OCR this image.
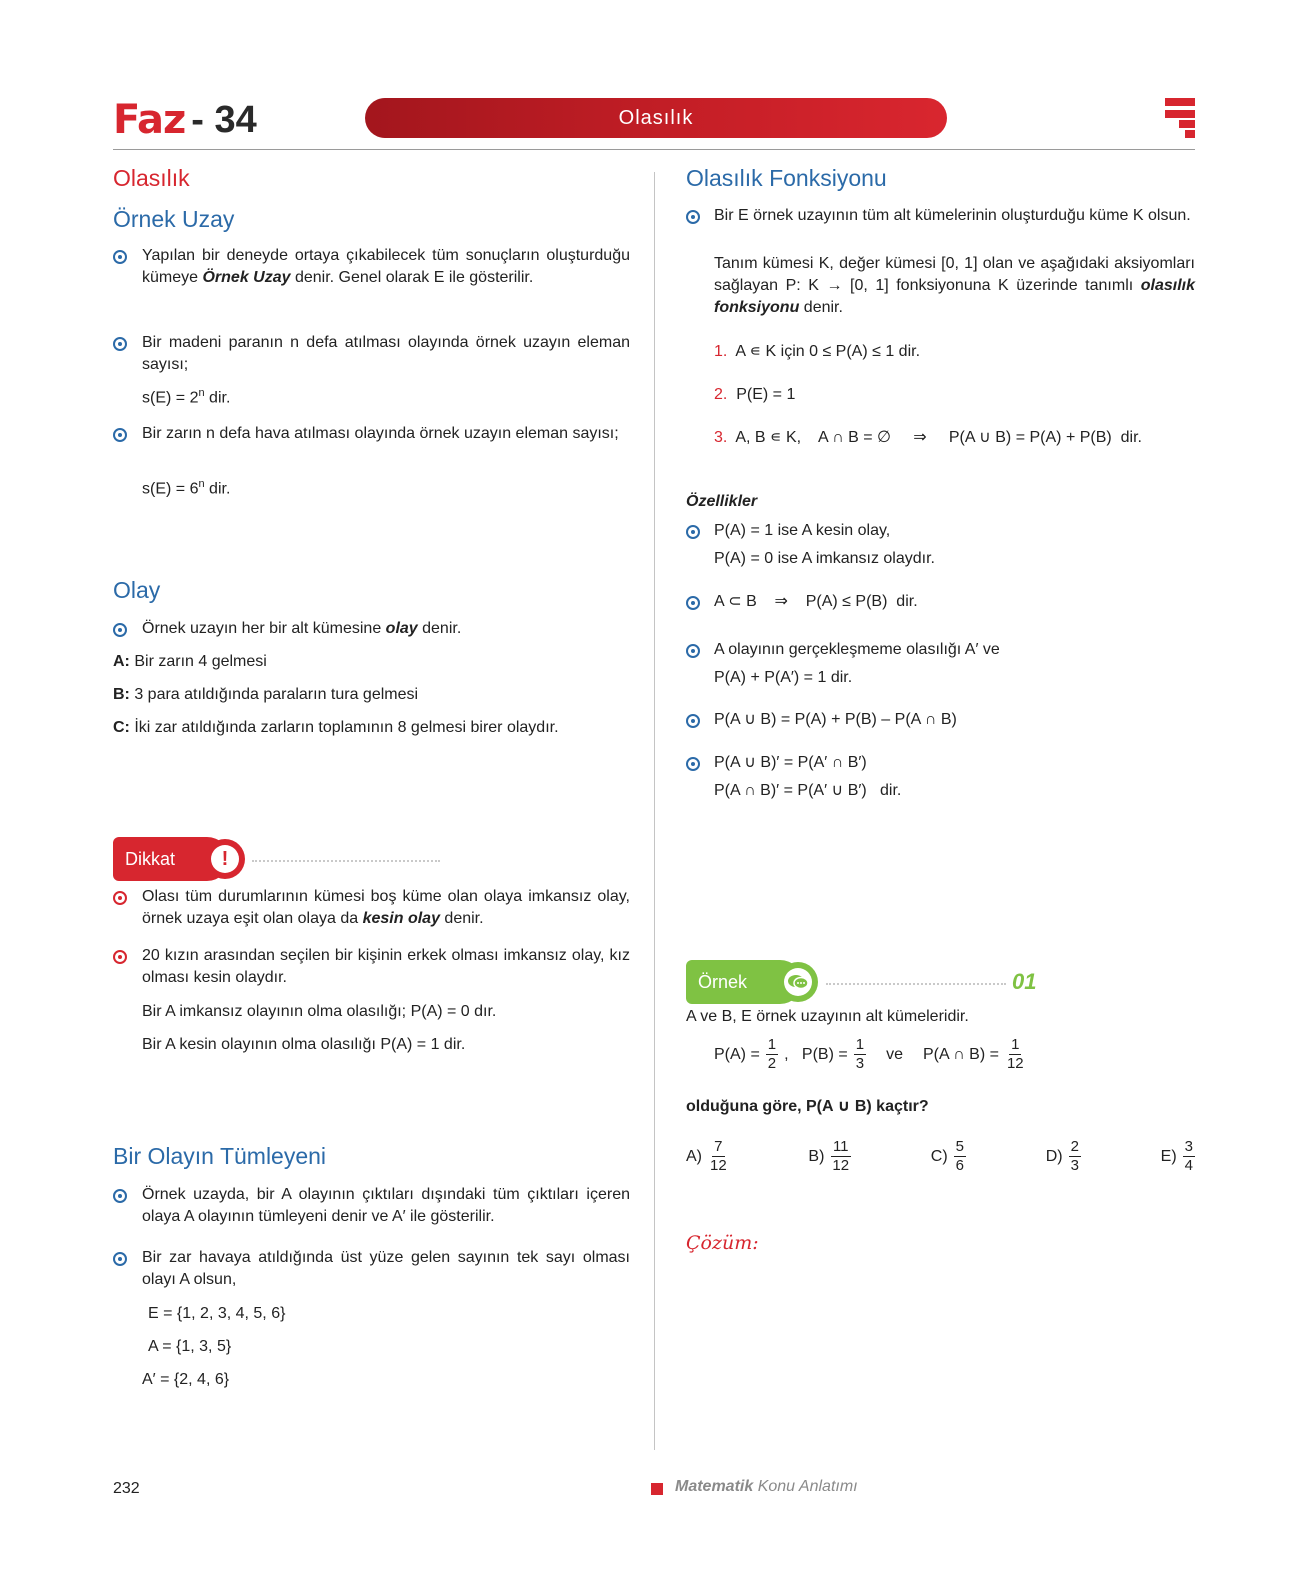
Faz - 34	Olasılık
Olasılık
Örnek Uzay
Yapılan bir deneyde ortaya çıkabilecek tüm sonuçların oluşturduğu kümeye Örnek Uzay denir. Genel olarak E ile gösterilir.
Bir madeni paranın n defa atılması olayında örnek uzayın eleman sayısı;
$s(E) = 2^n$ dir.
Bir zarın n defa hava atılması olayında örnek uzayın eleman sayısı;
$s(E) = 6^n$ dir.
Olay
Örnek uzayın her bir alt kümesine olay denir.
A: Bir zarın 4 gelmesi
B: 3 para atıldığında paraların tura gelmesi
C: İki zar atıldığında zarların toplamının 8 gelmesi birer olaydır.
Dikkat	!
Olası tüm durumlarının kümesi boş küme olan olaya imkansız olay, örnek uzaya eşit olan olaya da kesin olay denir.
20 kızın arasından seçilen bir kişinin erkek olması imkansız olay, kız olması kesin olaydır.
Bir A imkansız olayının olma olasılığı; P(A) = 0 dır.
Bir A kesin olayının olma olasılığı P(A) = 1 dir.
Bir Olayın Tümleyeni
Örnek uzayda, bir A olayının çıktıları dışındaki tüm çıktıları içeren olaya A olayının tümleyeni denir ve A′ ile gösterilir.
Bir zar havaya atıldığında üst yüze gelen sayının tek sayı olması olayı A olsun,
E = {1, 2, 3, 4, 5, 6}
A = {1, 3, 5}
A′ = {2, 4, 6}
Olasılık Fonksiyonu
Bir E örnek uzayının tüm alt kümelerinin oluşturduğu küme K olsun.
Tanım kümesi K, değer kümesi [0, 1] olan ve aşağıdaki aksiyomları sağlayan P: K → [0, 1] fonksiyonuna K üzerinde tanımlı olasılık fonksiyonu denir.
1. A ∊ K için 0 ≤ P(A) ≤ 1 dir.
2. P(E) = 1
3. A, B ∊ K,    A ∩ B = ∅     ⇒     P(A ∪ B) = P(A) + P(B)  dir.
Özellikler
P(A) = 1 ise A kesin olay,
P(A) = 0 ise A imkansız olaydır.
A ⊂ B    ⇒    P(A) ≤ P(B)  dir.
A olayının gerçekleşmeme olasılığı A′ ve
P(A) + P(A′) = 1 dir.
P(A ∪ B) = P(A) + P(B) – P(A ∩ B)
P(A ∪ B)′ = P(A′ ∩ B′)
P(A ∩ B)′ = P(A′ ∪ B′)   dir.
Örnek	01
A ve B, E örnek uzayının alt kümeleridir.
$P(A) = \frac{1}{2}$ ,   $P(B) = \frac{1}{3}$ ve P(A ∩ $B) = \frac{1}{12}$
olduğuna göre, P(A ∪ B) kaçtır?
$A) \frac{7}{12}$	$B) \frac{11}{12}$	$C) \frac{5}{6}$	$D) \frac{2}{3}$	$E) \frac{3}{4}$
Çözüm:
232	Matematik Konu Anlatımı
